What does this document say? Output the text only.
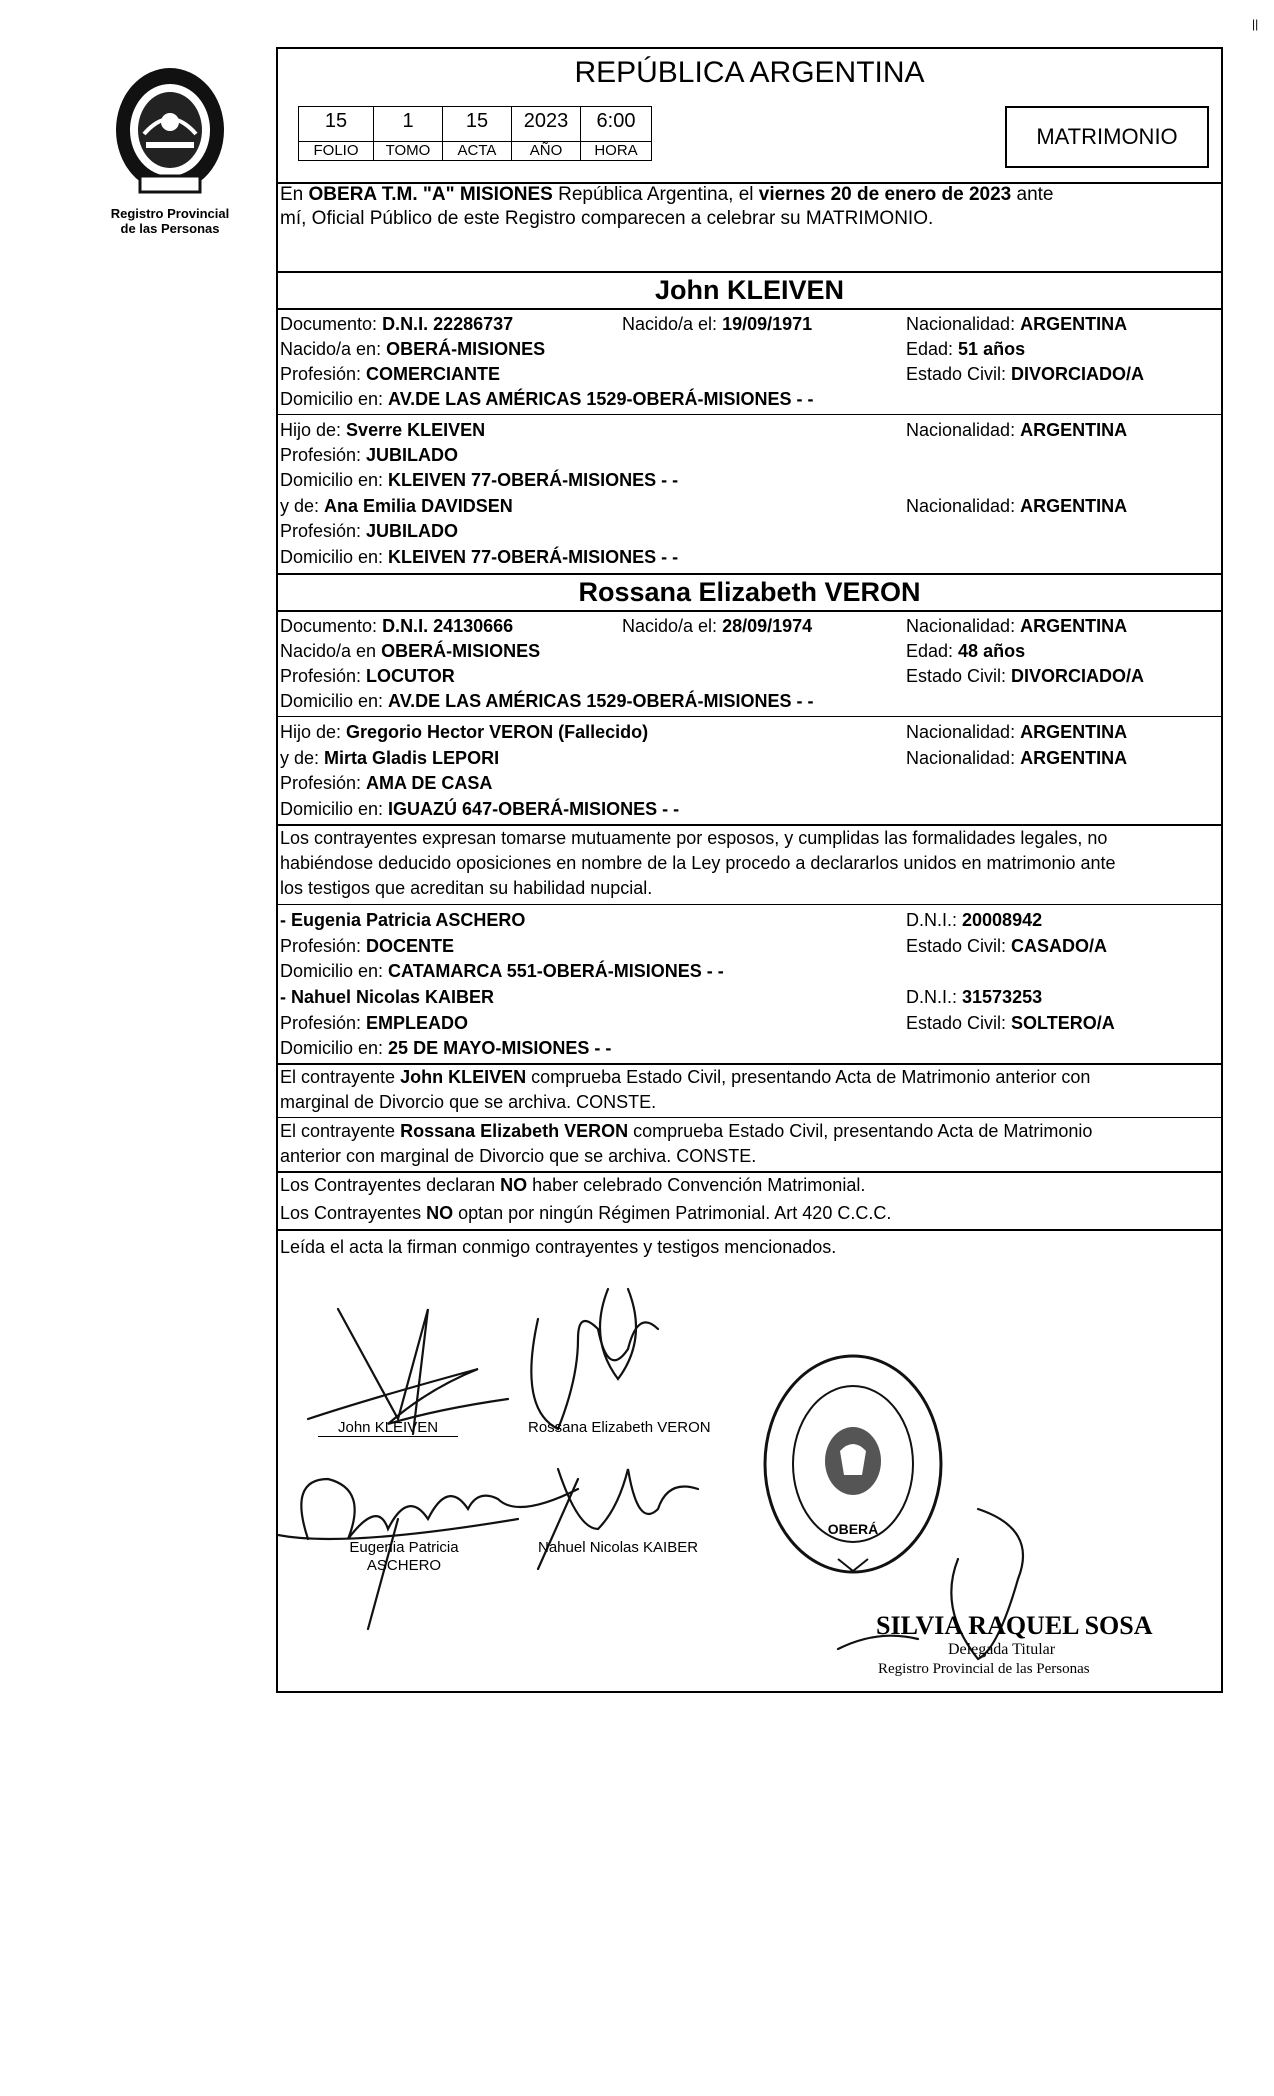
||
Registro Provincial
de las Personas
REPÚBLICA ARGENTINA
15	1	15	2023	6:00
FOLIO	TOMO	ACTA	AÑO	HORA
MATRIMONIO
En OBERA T.M. "A" MISIONES República Argentina, el viernes 20 de enero de 2023 ante
mí, Oficial Público de este Registro comparecen a celebrar su MATRIMONIO.
John KLEIVEN
Documento: D.N.I. 22286737	Nacido/a el: 19/09/1971	Nacionalidad: ARGENTINA
Nacido/a en: OBERÁ-MISIONES	Edad: 51 años
Profesión: COMERCIANTE	Estado Civil: DIVORCIADO/A
Domicilio en: AV.DE LAS AMÉRICAS 1529-OBERÁ-MISIONES - -
Hijo de: Sverre KLEIVEN	Nacionalidad: ARGENTINA
Profesión: JUBILADO
Domicilio en: KLEIVEN 77-OBERÁ-MISIONES - -
y de: Ana Emilia DAVIDSEN	Nacionalidad: ARGENTINA
Profesión: JUBILADO
Domicilio en: KLEIVEN 77-OBERÁ-MISIONES - -
Rossana Elizabeth VERON
Documento: D.N.I. 24130666	Nacido/a el: 28/09/1974	Nacionalidad: ARGENTINA
Nacido/a en OBERÁ-MISIONES	Edad: 48 años
Profesión: LOCUTOR	Estado Civil: DIVORCIADO/A
Domicilio en: AV.DE LAS AMÉRICAS 1529-OBERÁ-MISIONES - -
Hijo de: Gregorio Hector VERON (Fallecido)	Nacionalidad: ARGENTINA
y de: Mirta Gladis LEPORI	Nacionalidad: ARGENTINA
Profesión: AMA DE CASA
Domicilio en: IGUAZÚ 647-OBERÁ-MISIONES - -
Los contrayentes expresan tomarse mutuamente por esposos, y cumplidas las formalidades legales, no
habiéndose deducido oposiciones en nombre de la Ley procedo a declararlos unidos en matrimonio ante
los testigos que acreditan su habilidad nupcial.
- Eugenia Patricia ASCHERO	D.N.I.: 20008942
Profesión: DOCENTE	Estado Civil: CASADO/A
Domicilio en: CATAMARCA 551-OBERÁ-MISIONES - -
- Nahuel Nicolas KAIBER	D.N.I.: 31573253
Profesión: EMPLEADO	Estado Civil: SOLTERO/A
Domicilio en: 25 DE MAYO-MISIONES - -
El contrayente John KLEIVEN comprueba Estado Civil, presentando Acta de Matrimonio anterior con
marginal de Divorcio que se archiva. CONSTE.
El contrayente Rossana Elizabeth VERON comprueba Estado Civil, presentando Acta de Matrimonio
anterior con marginal de Divorcio que se archiva. CONSTE.
Los Contrayentes declaran NO haber celebrado Convención Matrimonial.
Los Contrayentes NO optan por ningún Régimen Patrimonial. Art 420 C.C.C.
Leída el acta la firman conmigo contrayentes y testigos mencionados.
John KLEIVEN	Rossana Elizabeth VERON
Eugenia Patricia
ASCHERO
Nahuel Nicolas KAIBER
OBERÁ
SILVIA RAQUEL SOSA
Delegada Titular
Registro Provincial de las Personas
